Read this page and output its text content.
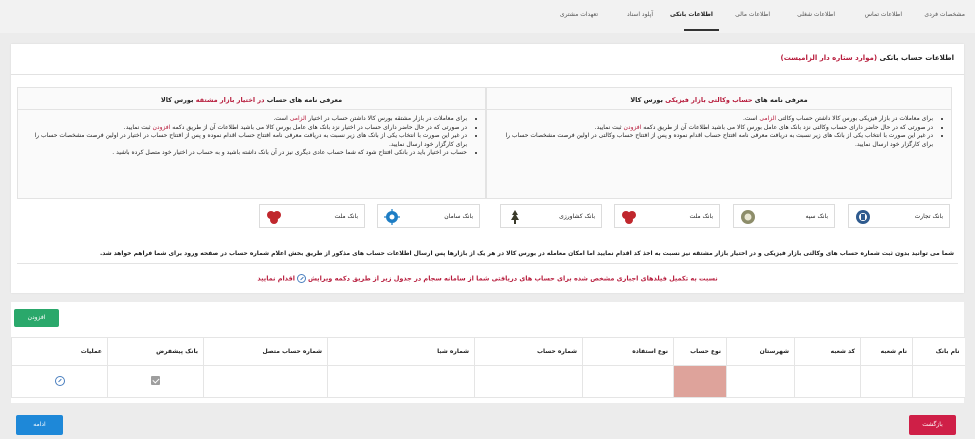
مشخصات فردی
اطلاعات تماس
اطلاعات شغلی
اطلاعات مالی
اطلاعات بانکی
آپلود اسناد
تعهدات مشتری
اطلاعات حساب بانکی (موارد ستاره دار الزامیست)
معرفی نامه های حساب وکالتی بازار فیزیکی بورس کالا
• برای معاملات در بازار فیزیکی بورس کالا داشتن حساب وکالتی الزامی است.
• در صورتی که در حال حاضر دارای حساب وکالتی نزد بانک های عامل بورس کالا می باشید اطلاعات آن از طریق دکمه افزودن ثبت نمایید.
• در غیر این صورت با انتخاب یکی از بانک های زیر نسبت به دریافت معرفی نامه افتتاح حساب اقدام نموده و پس از افتتاح حساب وکالتی در اولین فرصت مشخصات حساب را برای کارگزار خود ارسال نمایید.
معرفی نامه های حساب در اختیار بازار مشتقه بورس کالا
• برای معاملات در بازار مشتقه بورس کالا داشتن حساب در اختیار الزامی است.
• در صورتی که در حال حاضر دارای حساب در اختیار نزد بانک های عامل بورس کالا می باشید اطلاعات آن از طریق دکمه افزودن ثبت نمایید.
• در غیر این صورت با انتخاب یکی از بانک های زیر نسبت به دریافت معرفی نامه افتتاح حساب اقدام نموده و پس از افتتاح حساب در اختیار در اولین فرصت مشخصات حساب را برای کارگزار خود ارسال نمایید.
• حساب در اختیار باید در بانکی افتتاح شود که شما حساب عادی دیگری نیز در آن بانک داشته باشید و به حساب در اختیار خود متصل کرده باشید .
بانک تجارت
بانک سپه
بانک ملت
بانک کشاورزی
بانک سامان
بانک ملت
شما می توانید بدون ثبت شماره حساب های وکالتی بازار فیزیکی و در اختیار بازار مشتقه نیز نسبت به اخذ کد اقدام نمایید اما امکان معامله در بورس کالا در هر یک از بازارها پس ارسال اطلاعات حساب های مذکور از طریق بخش اعلام شماره حساب در صفحه ورود برای شما فراهم خواهد شد.
نسبت به تکمیل فیلدهای اجباری مشخص شده برای حساب های دریافتی شما از سامانه سجام در جدول زیر از طریق دکمه ویرایشاقدام نمایید
افزودن
نام بانک	نام شعبه	کد شعبه	شهرستان	نوع حساب	نوع استفاده	شماره حساب	شماره شبا	شماره حساب متصل	بانک پیشفرض	عملیات

ادامه	بازگشت
